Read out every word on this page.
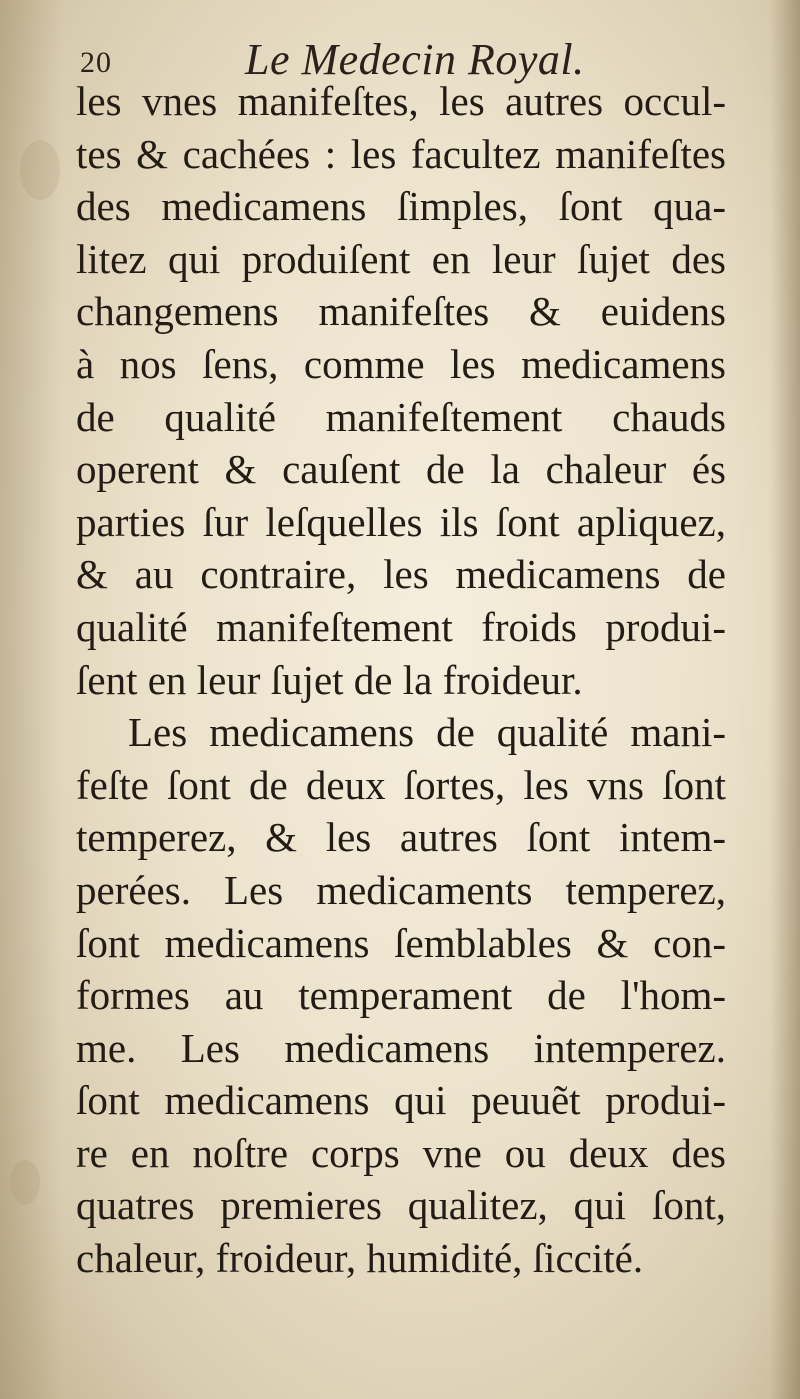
20	Le Medecin Royal.
les vnes manifeſtes, les autres occul-
tes & cachées : les facultez manifeſtes
des medicamens ſimples, ſont qua-
litez qui produiſent en leur ſujet des
changemens manifeſtes & euidens
à nos ſens, comme les medicamens
de qualité manifeſtement chauds
operent & cauſent de la chaleur és
parties ſur leſquelles ils ſont apliquez,
& au contraire, les medicamens de
qualité manifeſtement froids produi-
ſent en leur ſujet de la froideur.
Les medicamens de qualité mani-
feſte ſont de deux ſortes, les vns ſont
temperez, & les autres ſont intem-
perées. Les medicaments temperez,
ſont medicamens ſemblables & con-
formes au temperament de l'hom-
me. Les medicamens intemperez.
ſont medicamens qui peuuẽt produi-
re en noſtre corps vne ou deux des
quatres premieres qualitez, qui ſont,
chaleur, froideur, humidité, ſiccité.
